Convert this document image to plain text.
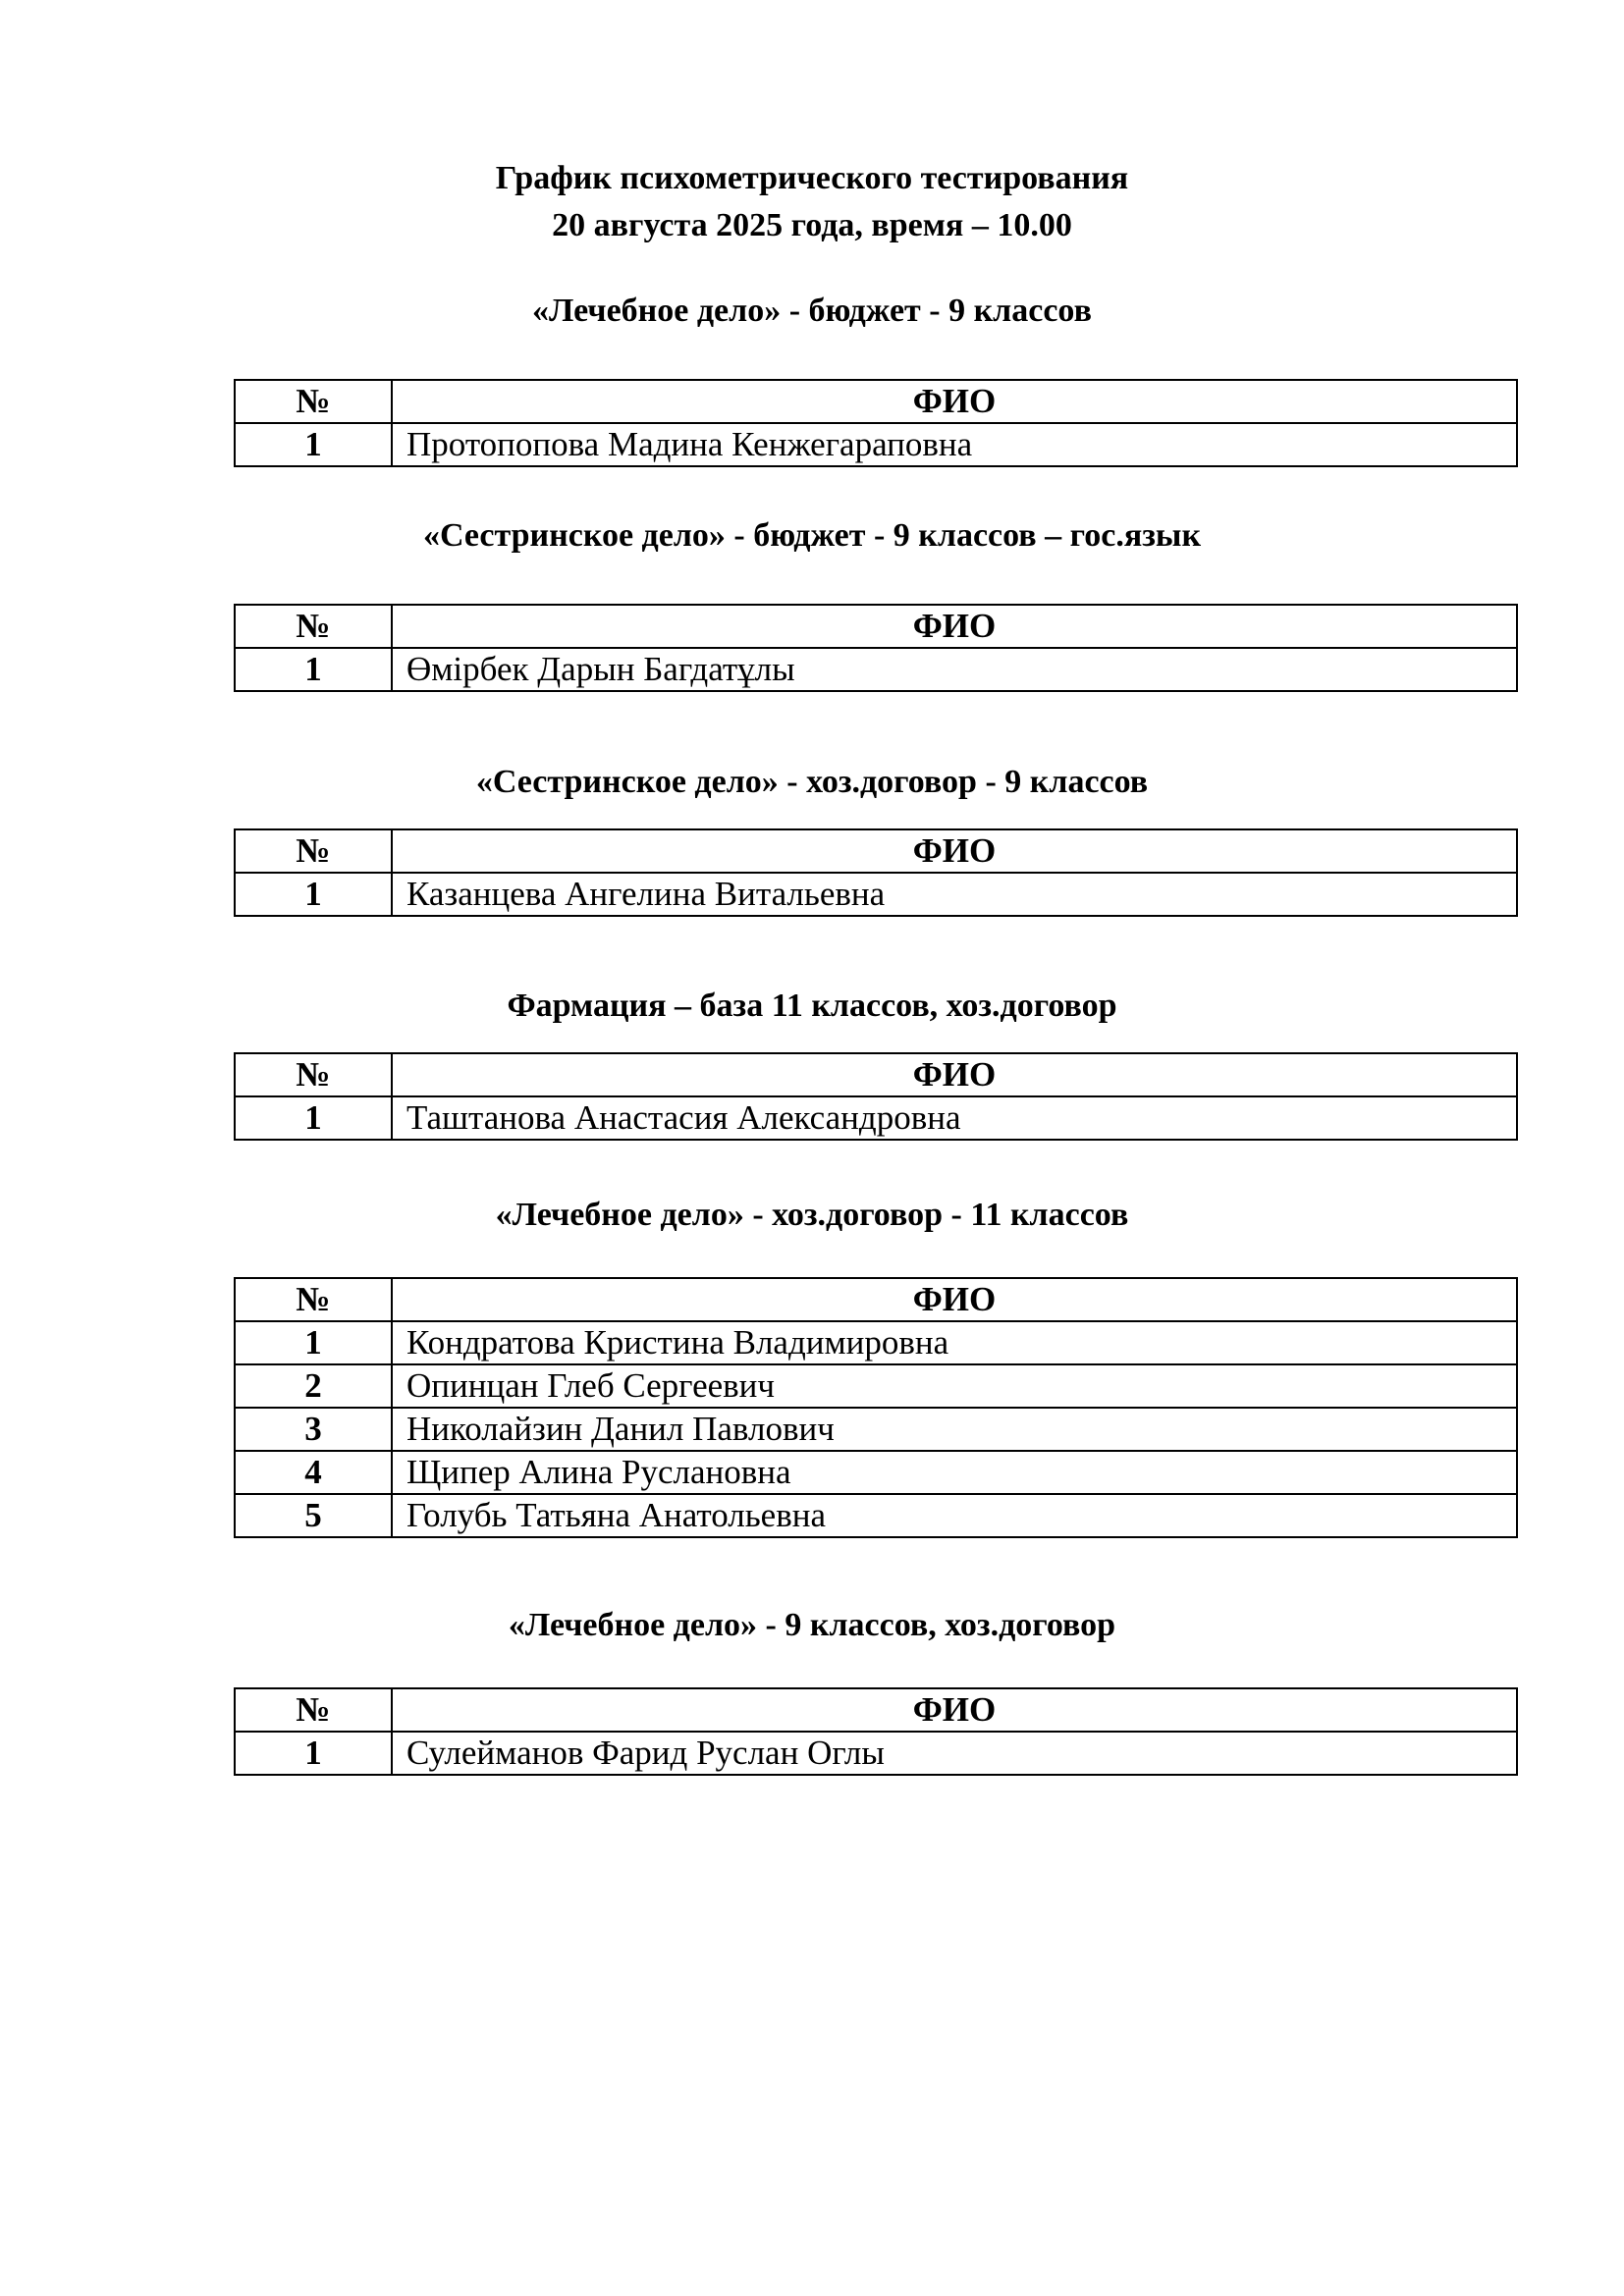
График психометрического тестирования
20 августа 2025 года, время – 10.00
«Лечебное дело» - бюджет - 9 классов
№	ФИО
1	Протопопова Мадина Кенжегараповна
«Сестринское дело» - бюджет - 9 классов – гос.язык
№	ФИО
1	Өмірбек Дарын Багдатұлы
«Сестринское дело» - хоз.договор - 9 классов
№	ФИО
1	Казанцева Ангелина Витальевна
Фармация – база 11 классов, хоз.договор
№	ФИО
1	Таштанова Анастасия Александровна
«Лечебное дело» - хоз.договор - 11 классов
№	ФИО
1	Кондратова Кристина Владимировна
2	Опинцан Глеб Сергеевич
3	Николайзин Данил Павлович
4	Щипер Алина Руслановна
5	Голубь Татьяна Анатольевна
«Лечебное дело» - 9 классов, хоз.договор
№	ФИО
1	Сулейманов Фарид Руслан Оглы
